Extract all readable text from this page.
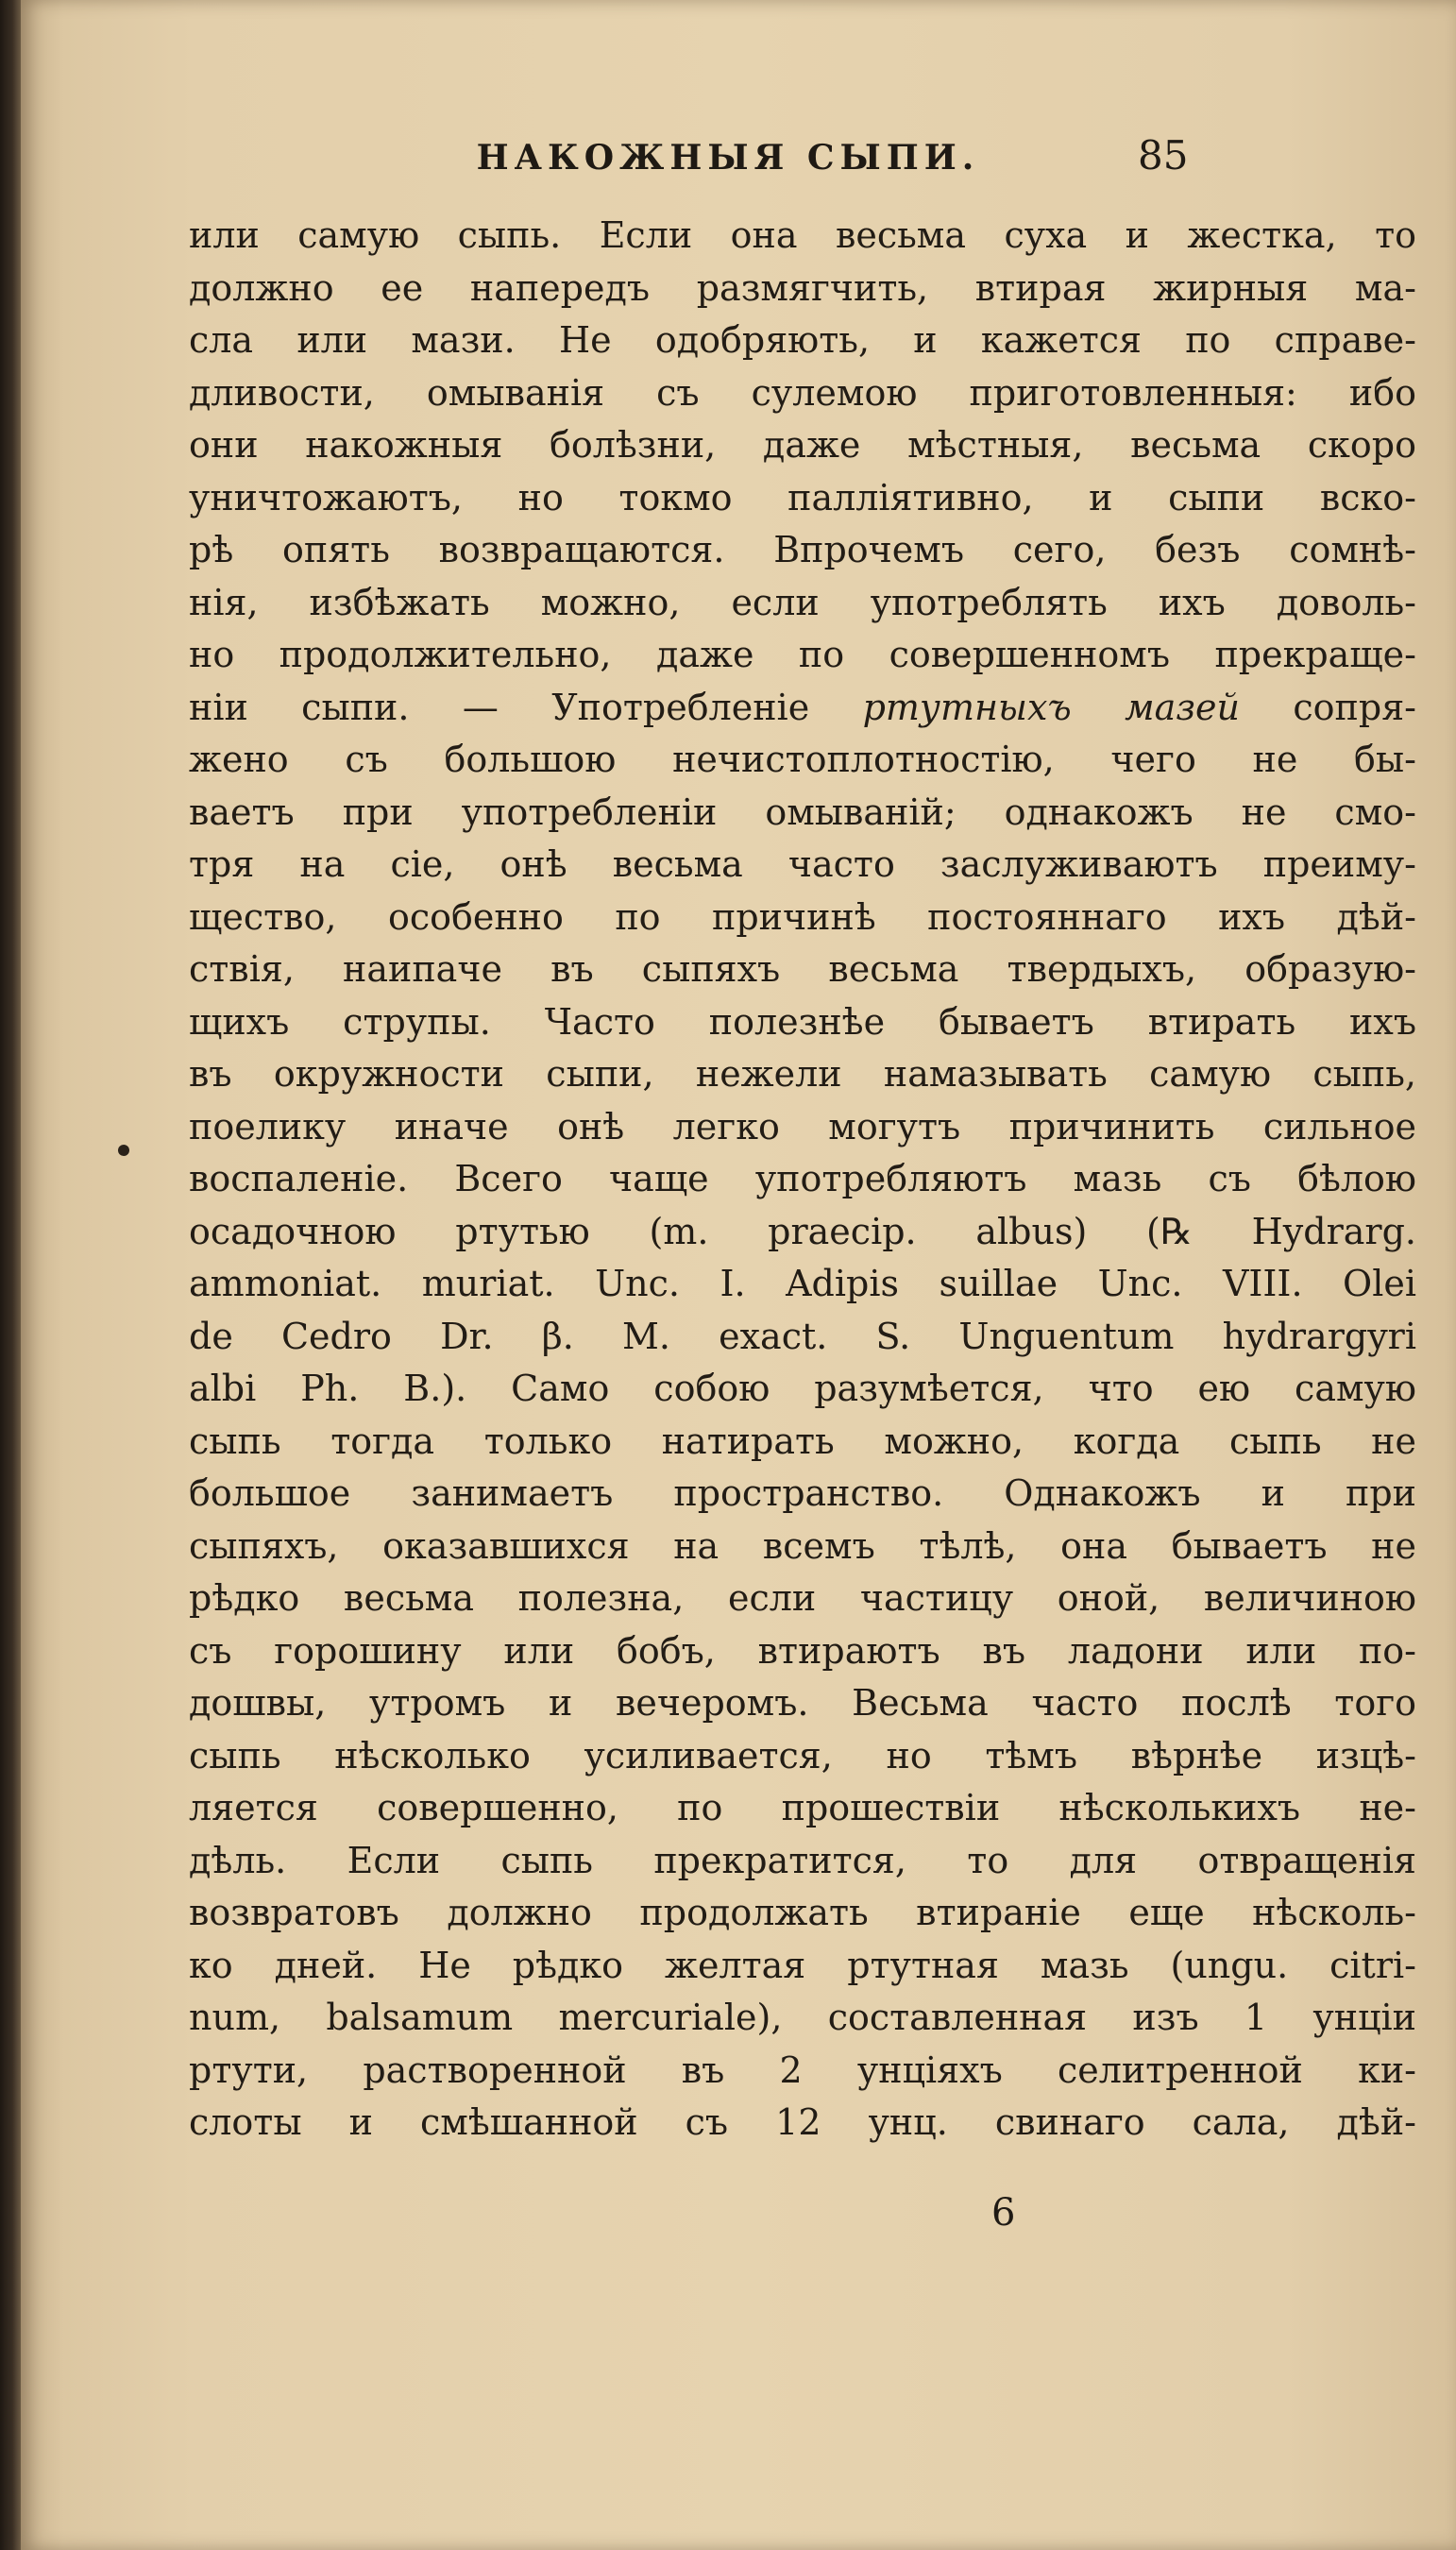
НАКОЖНЫЯ СЫПИ.	85
или самую сыпь. Если она весьма суха и жестка, то
должно ее напередъ размягчить, втирая жирныя ма-
сла или мази. Не одобряють, и кажется по справе-
дливости, омыванія съ сулемою приготовленныя: ибо
они накожныя болѣзни, даже мѣстныя, весьма скоро
уничтожаютъ, но токмо палліятивно, и сыпи вско-
рѣ опять возвращаются. Впрочемъ сего, безъ сомнѣ-
нія, избѣжать можно, если употреблять ихъ доволь-
но продолжительно, даже по совершенномъ прекраще-
ніи сыпи. — Употребленіе ртутныхъ мазей сопря-
жено съ большою нечистоплотностію, чего не бы-
ваетъ при употребленіи омываній; однакожъ не смо-
тря на сіе, онѣ весьма часто заслуживаютъ преиму-
щество, особенно по причинѣ постояннаго ихъ дѣй-
ствія, наипаче въ сыпяхъ весьма твердыхъ, образую-
щихъ струпы. Часто полезнѣе бываетъ втирать ихъ
въ окружности сыпи, нежели намазывать самую сыпь,
поелику иначе онѣ легко могутъ причинить сильное
воспаленіе. Всего чаще употребляютъ мазь съ бѣлою
осадочною ртутью (m. praecip. albus) (℞ Hydrarg.
ammoniat. muriat. Unc. I. Adipis suillae Unc. VIII. Olei
de Cedro Dr. β. M. exact. S. Unguentum hydrargyri
albi Ph. B.). Само собою разумѣется, что ею самую
сыпь тогда только натирать можно, когда сыпь не
большое занимаетъ пространство. Однакожъ и при
сыпяхъ, оказавшихся на всемъ тѣлѣ, она бываетъ не
рѣдко весьма полезна, если частицу оной, величиною
съ горошину или бобъ, втираютъ въ ладони или по-
дошвы, утромъ и вечеромъ. Весьма часто послѣ того
сыпь нѣсколько усиливается, но тѣмъ вѣрнѣе изцѣ-
ляется совершенно, по прошествіи нѣсколькихъ не-
дѣль. Если сыпь прекратится, то для отвращенія
возвратовъ должно продолжать втираніе еще нѣсколь-
ко дней. Не рѣдко желтая ртутная мазь (ungu. citri-
num, balsamum mercuriale), составленная изъ 1 унціи
ртути, растворенной въ 2 унціяхъ селитренной ки-
слоты и смѣшанной съ 12 унц. свинаго сала, дѣй-
6
